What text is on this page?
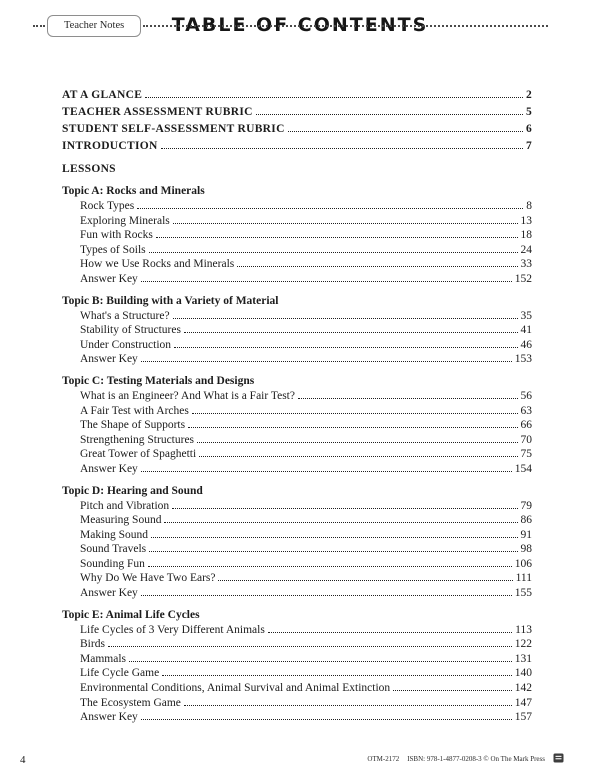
Teacher Notes	TABLE OF CONTENTS
AT A GLANCE	2
TEACHER ASSESSMENT RUBRIC	5
STUDENT SELF-ASSESSMENT RUBRIC	6
INTRODUCTION	7
LESSONS
Topic A: Rocks and Minerals
Rock Types	8
Exploring Minerals	13
Fun with Rocks	18
Types of Soils	24
How we Use Rocks and Minerals	33
Answer Key	152
Topic B: Building with a Variety of Material
What's a Structure?	35
Stability of Structures	41
Under Construction	46
Answer Key	153
Topic C: Testing Materials and Designs
What is an Engineer? And What is a Fair Test?	56
A Fair Test with Arches	63
The Shape of Supports	66
Strengthening Structures	70
Great Tower of Spaghetti	75
Answer Key	154
Topic D: Hearing and Sound
Pitch and Vibration	79
Measuring Sound	86
Making Sound	91
Sound Travels	98
Sounding Fun	106
Why Do We Have Two Ears?	111
Answer Key	155
Topic E: Animal Life Cycles
Life Cycles of 3 Very Different Animals	113
Birds	122
Mammals	131
Life Cycle Game	140
Environmental Conditions, Animal Survival and Animal Extinction	142
The Ecosystem Game	147
Answer Key	157
4	OTM-2172 ISBN: 978-1-4877-0208-3 © On The Mark Press
